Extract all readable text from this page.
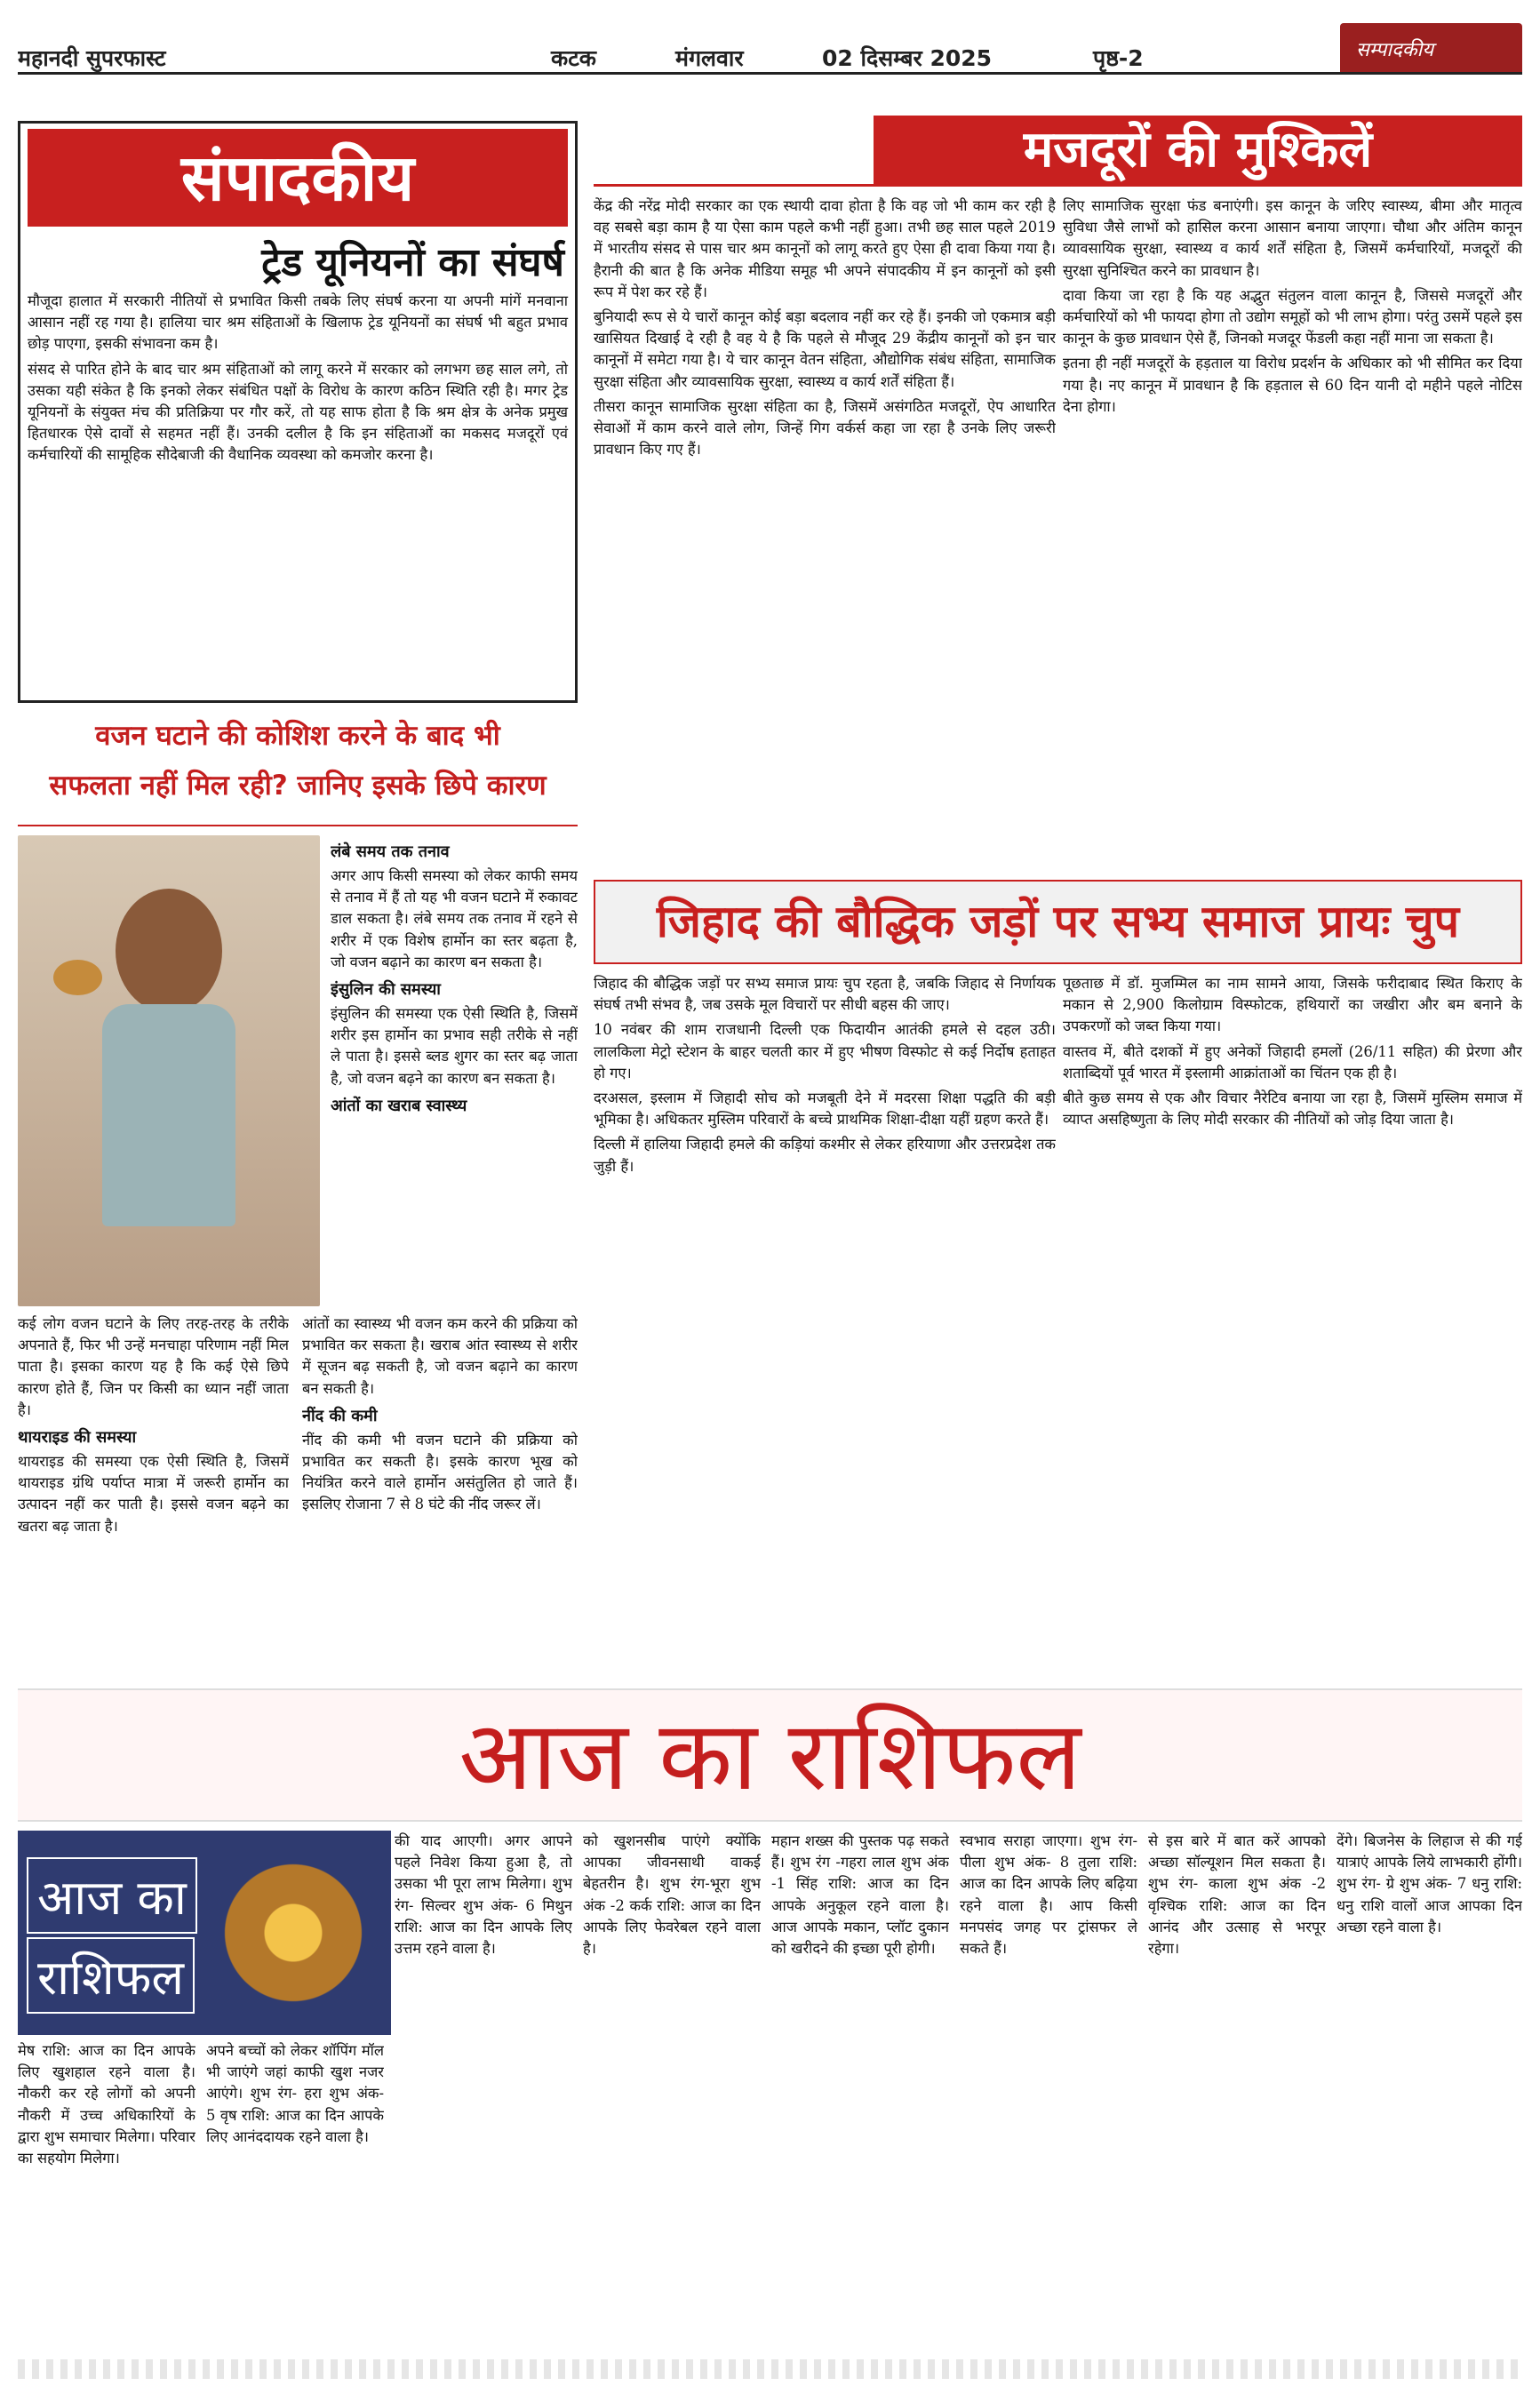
महानदी सुपरफास्ट	कटक	मंगलवार	02 दिसम्बर 2025	पृष्ठ-2	सम्पादकीय
संपादकीय
ट्रेड यूनियनों का संघर्ष

मौजूदा हालात में सरकारी नीतियों से प्रभावित किसी तबके लिए संघर्ष करना या अपनी मांगें मनवाना आसान नहीं रह गया है। हालिया चार श्रम संहिताओं के खिलाफ ट्रेड यूनियनों का संघर्ष भी बहुत प्रभाव छोड़ पाएगा, इसकी संभावना कम है।

संसद से पारित होने के बाद चार श्रम संहिताओं को लागू करने में सरकार को लगभग छह साल लगे, तो उसका यही संकेत है कि इनको लेकर संबंधित पक्षों के विरोध के कारण कठिन स्थिति रही है। मगर ट्रेड यूनियनों के संयुक्त मंच की प्रतिक्रिया पर गौर करें, तो यह साफ होता है कि श्रम क्षेत्र के अनेक प्रमुख हितधारक ऐसे दावों से सहमत नहीं हैं। उनकी दलील है कि इन संहिताओं का मकसद मजदूरों एवं कर्मचारियों की सामूहिक सौदेबाजी की वैधानिक व्यवस्था को कमजोर करना है।

मजदूरों की मुश्किलें

केंद्र की नरेंद्र मोदी सरकार का एक स्थायी दावा होता है कि वह जो भी काम कर रही है वह सबसे बड़ा काम है या ऐसा काम पहले कभी नहीं हुआ। तभी छह साल पहले 2019 में भारतीय संसद से पास चार श्रम कानूनों को लागू करते हुए ऐसा ही दावा किया गया है। हैरानी की बात है कि अनेक मीडिया समूह भी अपने संपादकीय में इन कानूनों को इसी रूप में पेश कर रहे हैं।

बुनियादी रूप से ये चारों कानून कोई बड़ा बदलाव नहीं कर रहे हैं। इनकी जो एकमात्र बड़ी खासियत दिखाई दे रही है वह ये है कि पहले से मौजूद 29 केंद्रीय कानूनों को इन चार कानूनों में समेटा गया है। ये चार कानून वेतन संहिता, औद्योगिक संबंध संहिता, सामाजिक सुरक्षा संहिता और व्यावसायिक सुरक्षा, स्वास्थ्य व कार्य शर्तें संहिता हैं।

तीसरा कानून सामाजिक सुरक्षा संहिता का है, जिसमें असंगठित मजदूरों, ऐप आधारित सेवाओं में काम करने वाले लोग, जिन्हें गिग वर्कर्स कहा जा रहा है उनके लिए जरूरी प्रावधान किए गए हैं।

लिए सामाजिक सुरक्षा फंड बनाएंगी। इस कानून के जरिए स्वास्थ्य, बीमा और मातृत्व सुविधा जैसे लाभों को हासिल करना आसान बनाया जाएगा। चौथा और अंतिम कानून व्यावसायिक सुरक्षा, स्वास्थ्य व कार्य शर्तें संहिता है, जिसमें कर्मचारियों, मजदूरों की सुरक्षा सुनिश्चित करने का प्रावधान है।

दावा किया जा रहा है कि यह अद्भुत संतुलन वाला कानून है, जिससे मजदूरों और कर्मचारियों को भी फायदा होगा तो उद्योग समूहों को भी लाभ होगा। परंतु उसमें पहले इस कानून के कुछ प्रावधान ऐसे हैं, जिनको मजदूर फेंडली कहा नहीं माना जा सकता है।

इतना ही नहीं मजदूरों के हड़ताल या विरोध प्रदर्शन के अधिकार को भी सीमित कर दिया गया है। नए कानून में प्रावधान है कि हड़ताल से 60 दिन यानी दो महीने पहले नोटिस देना होगा।

वजन घटाने की कोशिश करने के बाद भी
सफलता नहीं मिल रही? जानिए इसके छिपे कारण
लंबे समय तक तनाव

अगर आप किसी समस्या को लेकर काफी समय से तनाव में हैं तो यह भी वजन घटाने में रुकावट डाल सकता है। लंबे समय तक तनाव में रहने से शरीर में एक विशेष हार्मोन का स्तर बढ़ता है, जो वजन बढ़ाने का कारण बन सकता है।

इंसुलिन की समस्या

इंसुलिन की समस्या एक ऐसी स्थिति है, जिसमें शरीर इस हार्मोन का प्रभाव सही तरीके से नहीं ले पाता है। इससे ब्लड शुगर का स्तर बढ़ जाता है, जो वजन बढ़ने का कारण बन सकता है।

आंतों का खराब स्वास्थ्य

कई लोग वजन घटाने के लिए तरह-तरह के तरीके अपनाते हैं, फिर भी उन्हें मनचाहा परिणाम नहीं मिल पाता है। इसका कारण यह है कि कई ऐसे छिपे कारण होते हैं, जिन पर किसी का ध्यान नहीं जाता है।

थायराइड की समस्या

थायराइड की समस्या एक ऐसी स्थिति है, जिसमें थायराइड ग्रंथि पर्याप्त मात्रा में जरूरी हार्मोन का उत्पादन नहीं कर पाती है। इससे वजन बढ़ने का खतरा बढ़ जाता है।

आंतों का स्वास्थ्य भी वजन कम करने की प्रक्रिया को प्रभावित कर सकता है। खराब आंत स्वास्थ्य से शरीर में सूजन बढ़ सकती है, जो वजन बढ़ाने का कारण बन सकती है।

नींद की कमी

नींद की कमी भी वजन घटाने की प्रक्रिया को प्रभावित कर सकती है। इसके कारण भूख को नियंत्रित करने वाले हार्मोन असंतुलित हो जाते हैं। इसलिए रोजाना 7 से 8 घंटे की नींद जरूर लें।

जिहाद की बौद्धिक जड़ों पर सभ्य समाज प्रायः चुप

जिहाद की बौद्धिक जड़ों पर सभ्य समाज प्रायः चुप रहता है, जबकि जिहाद से निर्णायक संघर्ष तभी संभव है, जब उसके मूल विचारों पर सीधी बहस की जाए।

10 नवंबर की शाम राजधानी दिल्ली एक फिदायीन आतंकी हमले से दहल उठी। लालकिला मेट्रो स्टेशन के बाहर चलती कार में हुए भीषण विस्फोट से कई निर्दोष हताहत हो गए।

दरअसल, इस्लाम में जिहादी सोच को मजबूती देने में मदरसा शिक्षा पद्धति की बड़ी भूमिका है। अधिकतर मुस्लिम परिवारों के बच्चे प्राथमिक शिक्षा-दीक्षा यहीं ग्रहण करते हैं।

दिल्ली में हालिया जिहादी हमले की कड़ियां कश्मीर से लेकर हरियाणा और उत्तरप्रदेश तक जुड़ी हैं।

पूछताछ में डॉ. मुजम्मिल का नाम सामने आया, जिसके फरीदाबाद स्थित किराए के मकान से 2,900 किलोग्राम विस्फोटक, हथियारों का जखीरा और बम बनाने के उपकरणों को जब्त किया गया।

वास्तव में, बीते दशकों में हुए अनेकों जिहादी हमलों (26/11 सहित) की प्रेरणा और शताब्दियों पूर्व भारत में इस्लामी आक्रांताओं का चिंतन एक ही है।

बीते कुछ समय से एक और विचार नैरेटिव बनाया जा रहा है, जिसमें मुस्लिम समाज में व्याप्त असहिष्णुता के लिए मोदी सरकार की नीतियों को जोड़ दिया जाता है।

आज का राशिफल
आज का
राशिफल

मेष राशि: आज का दिन आपके लिए खुशहाल रहने वाला है। नौकरी कर रहे लोगों को अपनी नौकरी में उच्च अधिकारियों के द्वारा शुभ समाचार मिलेगा। परिवार का सहयोग मिलेगा।

अपने बच्चों को लेकर शॉपिंग मॉल भी जाएंगे जहां काफी खुश नजर आएंगे। शुभ रंग- हरा शुभ अंक- 5 वृष राशि: आज का दिन आपके लिए आनंददायक रहने वाला है।

की याद आएगी। अगर आपने पहले निवेश किया हुआ है, तो उसका भी पूरा लाभ मिलेगा। शुभ रंग- सिल्वर शुभ अंक- 6 मिथुन राशि: आज का दिन आपके लिए उत्तम रहने वाला है।

को खुशनसीब पाएंगे क्योंकि आपका जीवनसाथी वाकई बेहतरीन है। शुभ रंग-भूरा शुभ अंक -2 कर्क राशि: आज का दिन आपके लिए फेवरेबल रहने वाला है।

महान शख्स की पुस्तक पढ़ सकते हैं। शुभ रंग -गहरा लाल शुभ अंक -1 सिंह राशि: आज का दिन आपके अनुकूल रहने वाला है। आज आपके मकान, प्लॉट दुकान को खरीदने की इच्छा पूरी होगी।

स्वभाव सराहा जाएगा। शुभ रंग- पीला शुभ अंक- 8 तुला राशि: आज का दिन आपके लिए बढ़िया रहने वाला है। आप किसी मनपसंद जगह पर ट्रांसफर ले सकते हैं।

से इस बारे में बात करें आपको अच्छा सॉल्यूशन मिल सकता है। शुभ रंग- काला शुभ अंक -2 वृश्चिक राशि: आज का दिन आनंद और उत्साह से भरपूर रहेगा।

देंगे। बिजनेस के लिहाज से की गई यात्राएं आपके लिये लाभकारी होंगी। शुभ रंग- ग्रे शुभ अंक- 7 धनु राशि: धनु राशि वालों आज आपका दिन अच्छा रहने वाला है।
